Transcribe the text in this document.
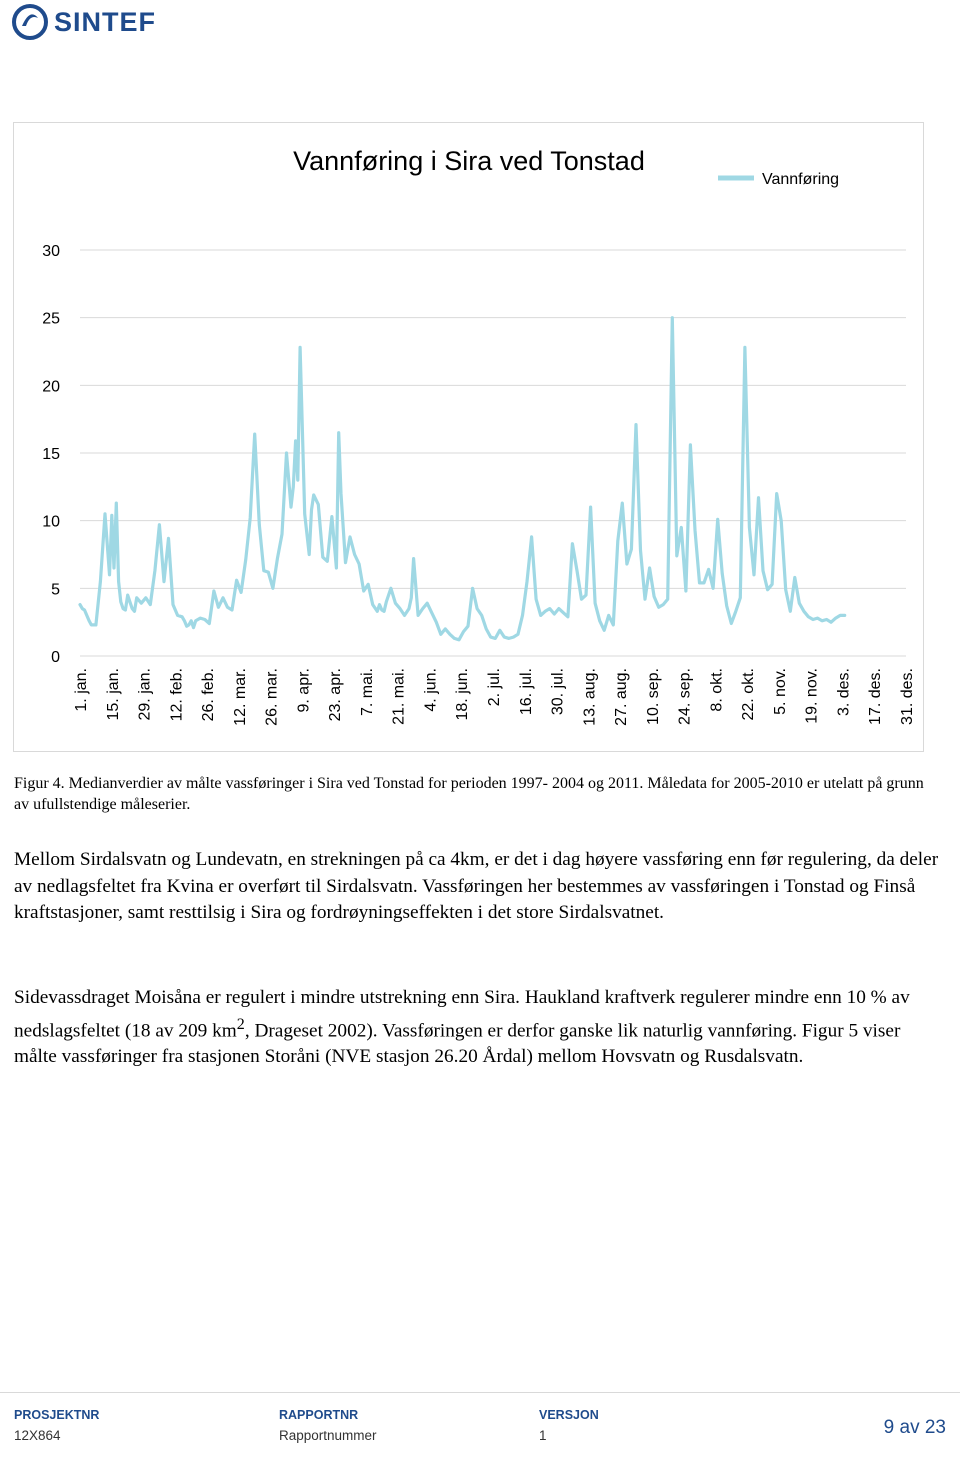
SINTEF
Vannføring i Sira ved Tonstad
Vannføring
0
5
10
15
20
25
30
1. jan. 15. jan. 29. jan. 12. feb. 26. feb. 12. mar. 26. mar. 9. apr. 23. apr. 7. mai. 21. mai. 4. jun. 18. jun. 2. jul. 16. jul. 30. jul. 13. aug. 27. aug. 10. sep. 24. sep. 8. okt. 22. okt. 5. nov. 19. nov. 3. des. 17. des. 31. des.
Figur 4. Medianverdier av målte vassføringer i Sira ved Tonstad for perioden 1997- 2004 og 2011. Måledata for 2005-2010 er utelatt på grunn av ufullstendige måleserier.

Mellom Sirdalsvatn og Lundevatn, en strekningen på ca 4km, er det i dag høyere vassføring enn før regulering, da deler av nedlagsfeltet fra Kvina er overført til Sirdalsvatn. Vassføringen her bestemmes av vassføringen i Tonstad og Finså kraftstasjoner, samt resttilsig i Sira og fordrøyningseffekten i det store Sirdalsvatnet.

Sidevassdraget Moisåna er regulert i mindre utstrekning enn Sira. Haukland kraftverk regulerer mindre enn 10 % av nedslagsfeltet (18 av 209 $km^2$, Drageset 2002). Vassføringen er derfor ganske lik naturlig vannføring. Figur 5 viser målte vassføringer fra stasjonen Storåni (NVE stasjon 26.20 Årdal) mellom Hovsvatn og Rusdalsvatn.

PROSJEKTNR
12X864
RAPPORTNR
Rapportnummer
VERSJON
1	9 av 23
